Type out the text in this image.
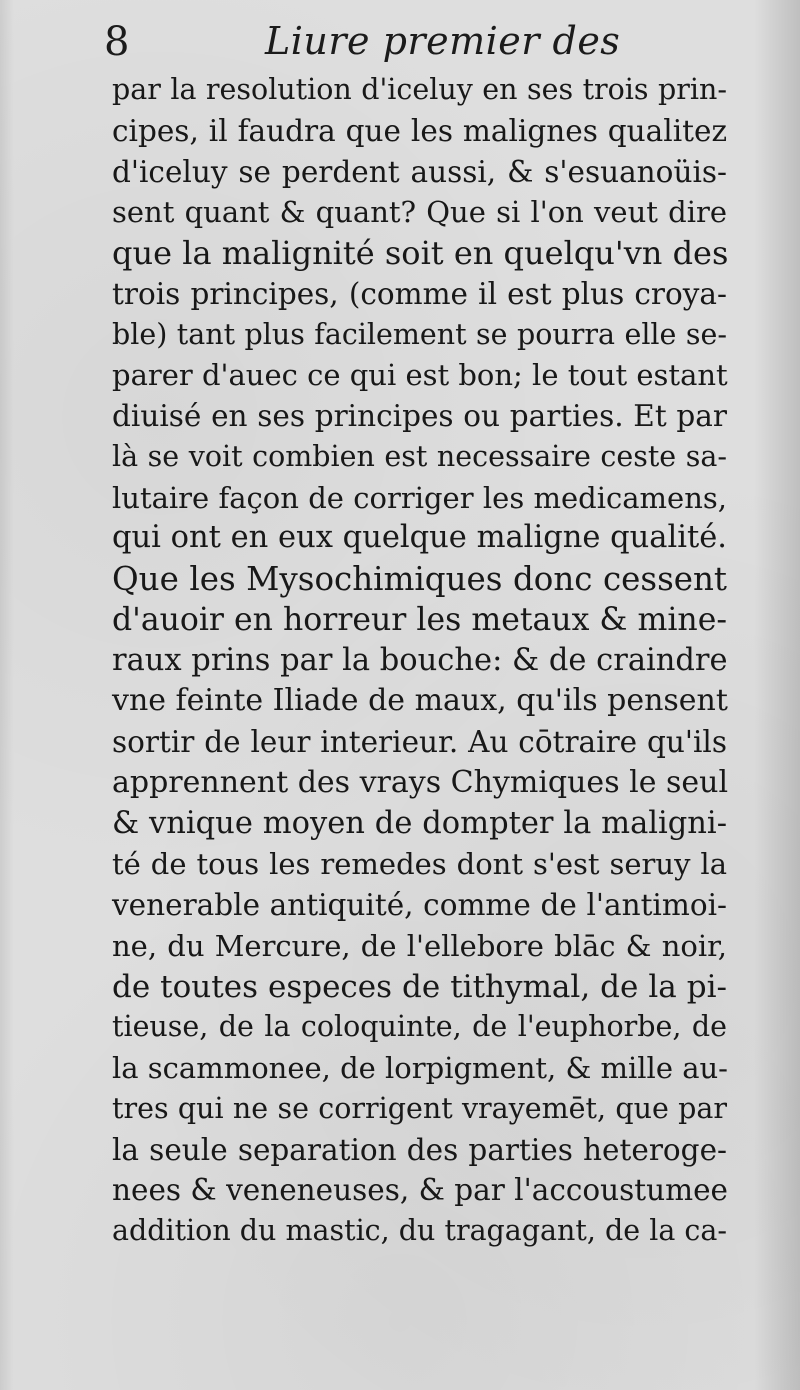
8	Liure premier des
par la resolution d'iceluy en ses trois prin-
cipes, il faudra que les malignes qualitez
d'iceluy se perdent aussi, & s'esuanoüis-
sent quant & quant? Que si l'on veut dire
que la malignité soit en quelqu'vn des
trois principes, (comme il est plus croya-
ble) tant plus facilement se pourra elle se-
parer d'auec ce qui est bon; le tout estant
diuisé en ses principes ou parties. Et par
là se voit combien est necessaire ceste sa-
lutaire façon de corriger les medicamens,
qui ont en eux quelque maligne qualité.
Que les Mysochimiques donc cessent
d'auoir en horreur les metaux & mine-
raux prins par la bouche: & de craindre
vne feinte Iliade de maux, qu'ils pensent
sortir de leur interieur. Au cōtraire qu'ils
apprennent des vrays Chymiques le seul
& vnique moyen de dompter la maligni-
té de tous les remedes dont s'est seruy la
venerable antiquité, comme de l'antimoi-
ne, du Mercure, de l'ellebore blāc & noir,
de toutes especes de tithymal, de la pi-
tieuse, de la coloquinte, de l'euphorbe, de
la scammonee, de lorpigment, & mille au-
tres qui ne se corrigent vrayemēt, que par
la seule separation des parties heteroge-
nees & veneneuses, & par l'accoustumee
addition du mastic, du tragagant, de la ca-
